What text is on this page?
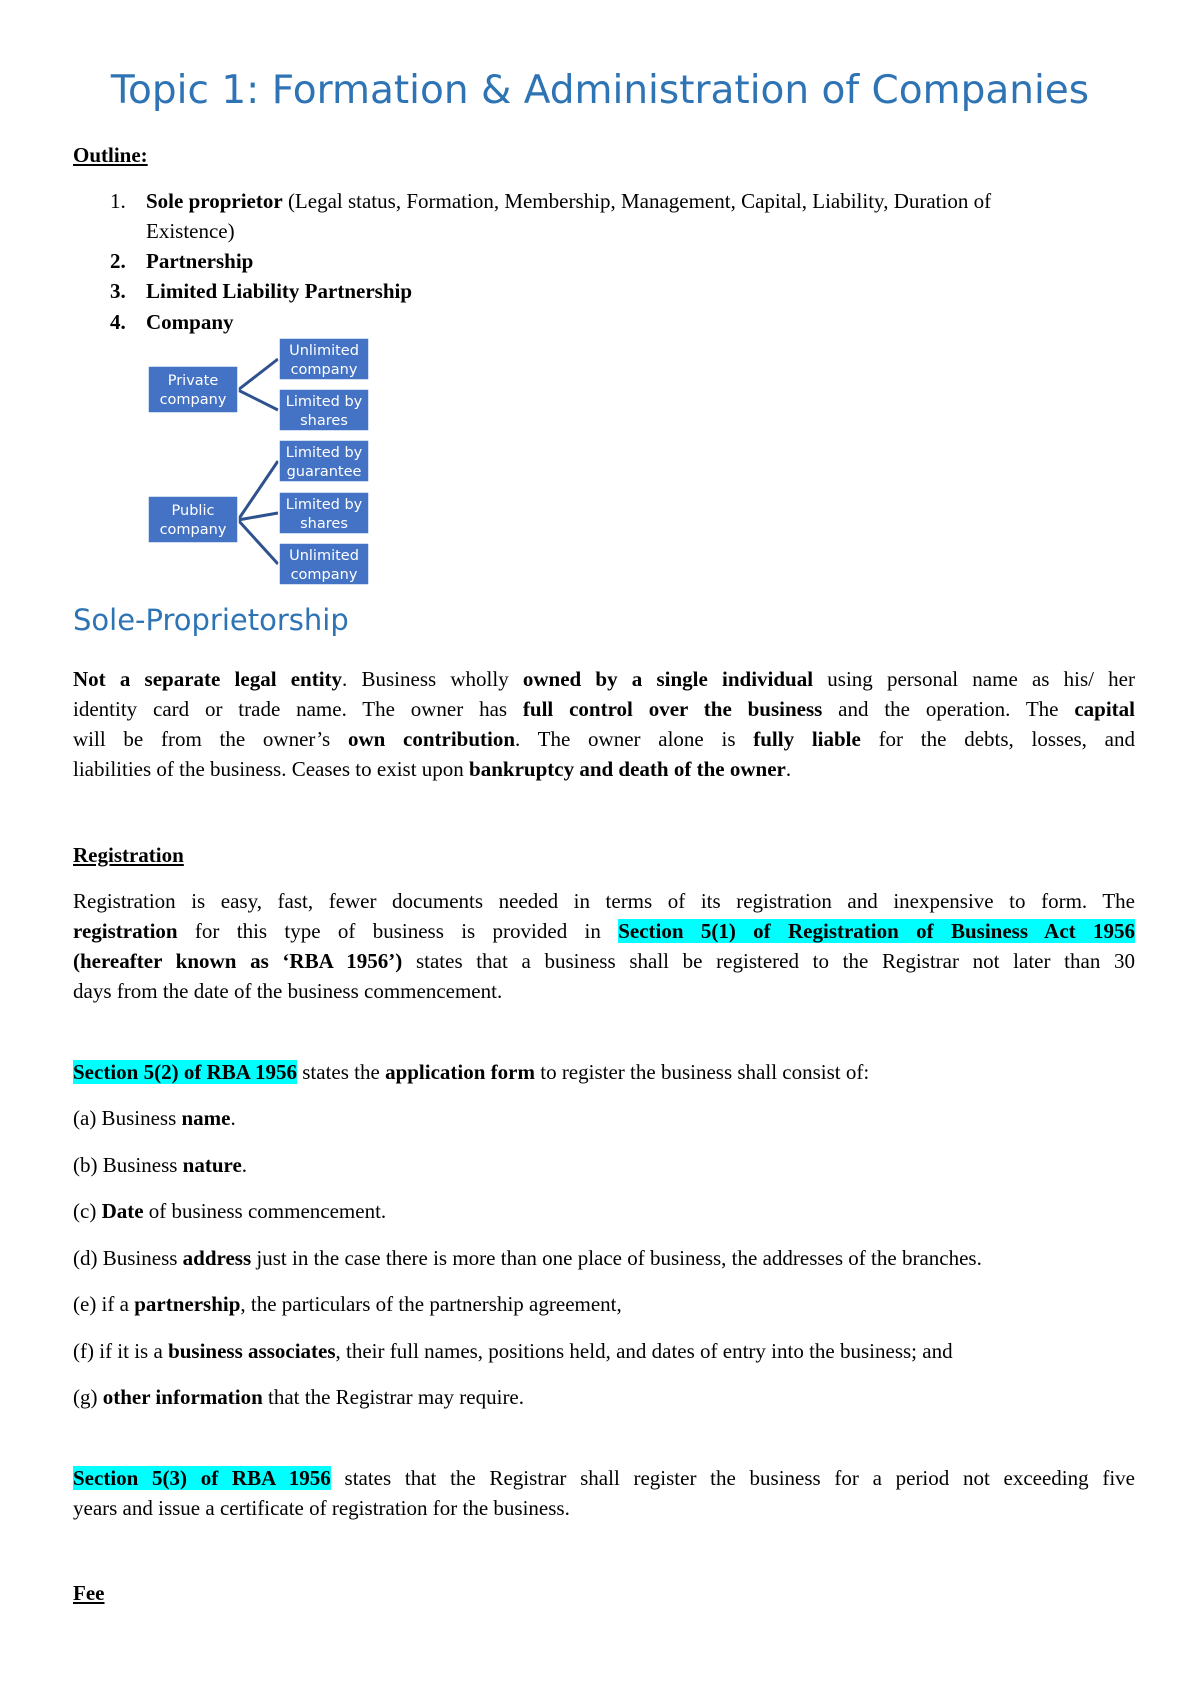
Topic 1: Formation & Administration of Companies

Outline:

1. Sole proprietor (Legal status, Formation, Membership, Management, Capital, Liability, Duration of
Existence)
2. Partnership
3. Limited Liability Partnership
4. Company
Private
company
Unlimited
company
Limited by
shares
Public
company
Limited by
guarantee
Limited by
shares
Unlimited
company
Sole-Proprietorship
Not a separate legal entity. Business wholly owned by a single individual using personal name as his/ her
identity card or trade name. The owner has full control over the business and the operation. The capital
will be from the owner’s own contribution. The owner alone is fully liable for the debts, losses, and
liabilities of the business. Ceases to exist upon bankruptcy and death of the owner.

Registration

Registration is easy, fast, fewer documents needed in terms of its registration and inexpensive to form. The
registration for this type of business is provided in Section 5(1) of Registration of Business Act 1956
(hereafter known as ‘RBA 1956’) states that a business shall be registered to the Registrar not later than 30
days from the date of the business commencement.

Section 5(2) of RBA 1956 states the application form to register the business shall consist of:

(a) Business name.

(b) Business nature.

(c) Date of business commencement.

(d) Business address just in the case there is more than one place of business, the addresses of the branches.

(e) if a partnership, the particulars of the partnership agreement,

(f) if it is a business associates, their full names, positions held, and dates of entry into the business; and

(g) other information that the Registrar may require.

Section 5(3) of RBA 1956 states that the Registrar shall register the business for a period not exceeding five
years and issue a certificate of registration for the business.

Fee
